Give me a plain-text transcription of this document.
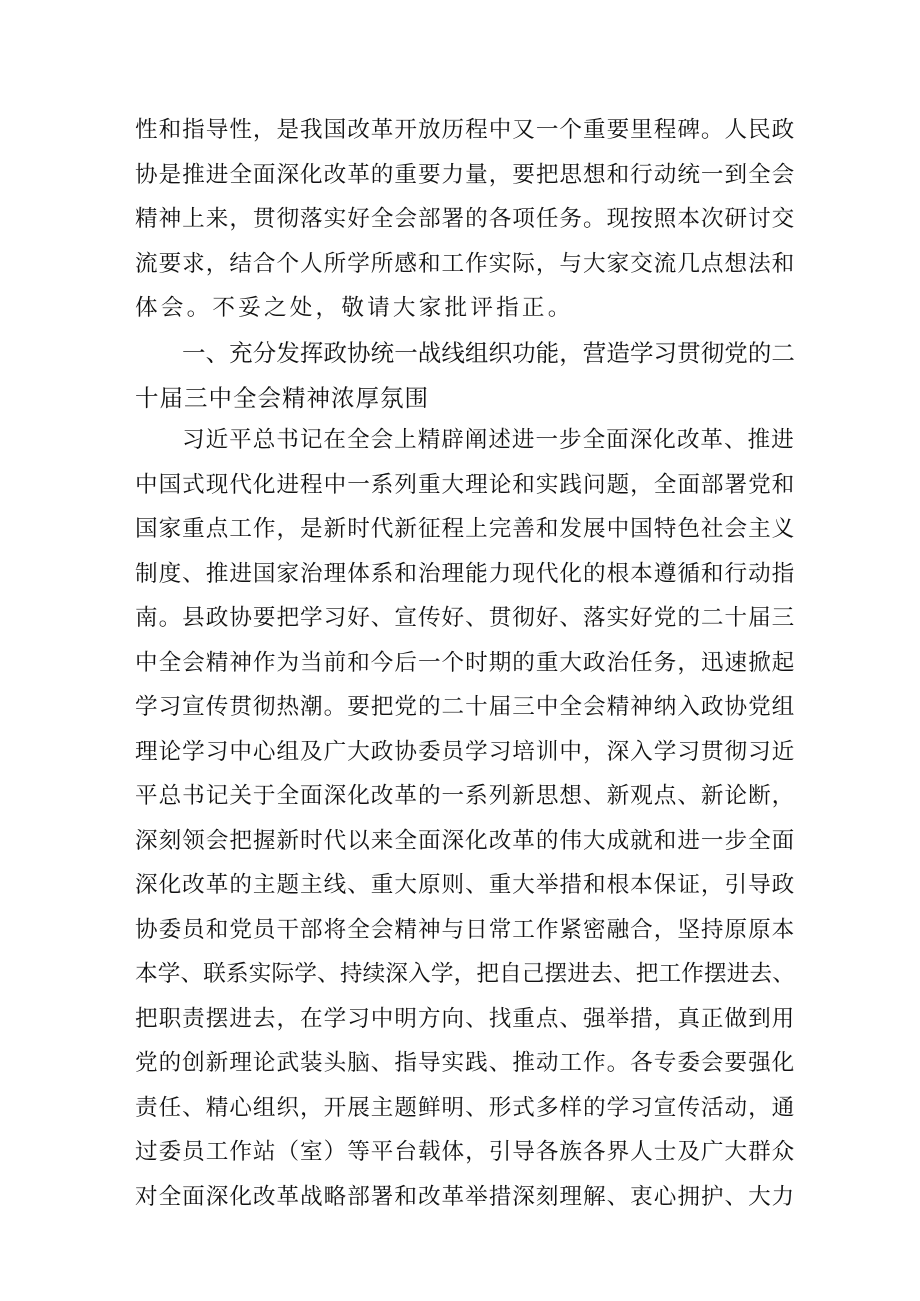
性和指导性，是我国改革开放历程中又一个重要里程碑。人民政
协是推进全面深化改革的重要力量，要把思想和行动统一到全会
精神上来，贯彻落实好全会部署的各项任务。现按照本次研讨交
流要求，结合个人所学所感和工作实际，与大家交流几点想法和
体会。不妥之处，敬请大家批评指正。
一、充分发挥政协统一战线组织功能，营造学习贯彻党的二
十届三中全会精神浓厚氛围
习近平总书记在全会上精辟阐述进一步全面深化改革、推进
中国式现代化进程中一系列重大理论和实践问题，全面部署党和
国家重点工作，是新时代新征程上完善和发展中国特色社会主义
制度、推进国家治理体系和治理能力现代化的根本遵循和行动指
南。县政协要把学习好、宣传好、贯彻好、落实好党的二十届三
中全会精神作为当前和今后一个时期的重大政治任务，迅速掀起
学习宣传贯彻热潮。要把党的二十届三中全会精神纳入政协党组
理论学习中心组及广大政协委员学习培训中，深入学习贯彻习近
平总书记关于全面深化改革的一系列新思想、新观点、新论断，
深刻领会把握新时代以来全面深化改革的伟大成就和进一步全面
深化改革的主题主线、重大原则、重大举措和根本保证，引导政
协委员和党员干部将全会精神与日常工作紧密融合，坚持原原本
本学、联系实际学、持续深入学，把自己摆进去、把工作摆进去、
把职责摆进去，在学习中明方向、找重点、强举措，真正做到用
党的创新理论武装头脑、指导实践、推动工作。各专委会要强化
责任、精心组织，开展主题鲜明、形式多样的学习宣传活动，通
过委员工作站（室）等平台载体，引导各族各界人士及广大群众
对全面深化改革战略部署和改革举措深刻理解、衷心拥护、大力
